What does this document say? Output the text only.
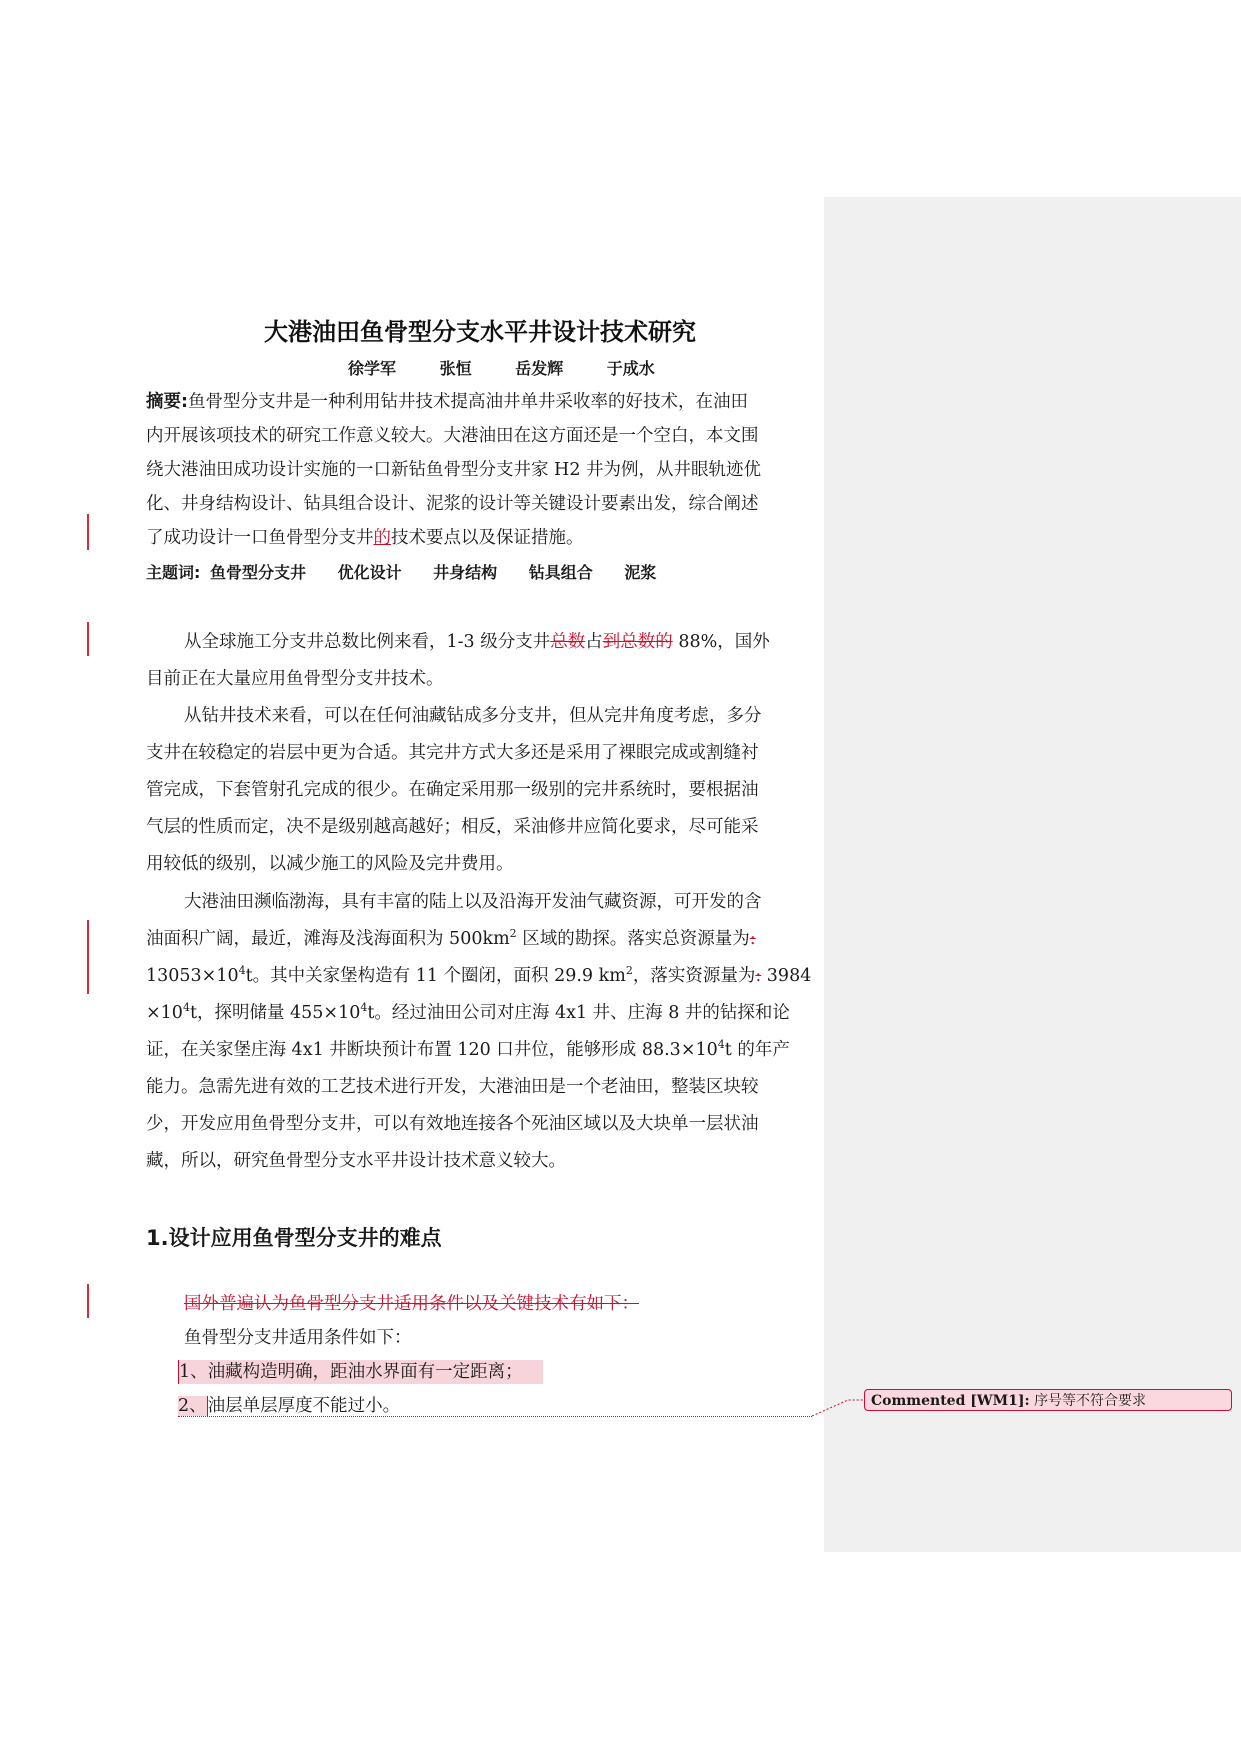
大港油田鱼骨型分支水平井设计技术研究
徐学军	张恒	岳发辉	于成水
摘要:鱼骨型分支井是一种利用钻井技术提高油井单井采收率的好技术，在油田
内开展该项技术的研究工作意义较大。大港油田在这方面还是一个空白，本文围
绕大港油田成功设计实施的一口新钻鱼骨型分支井家 H2 井为例，从井眼轨迹优
化、井身结构设计、钻具组合设计、泥浆的设计等关键设计要素出发，综合阐述
了成功设计一口鱼骨型分支井的技术要点以及保证措施。
主题词: 鱼骨型分支井 优化设计 井身结构 钻具组合 泥浆
从全球施工分支井总数比例来看，1-3 级分支井总数占到总数的 88%，国外
目前正在大量应用鱼骨型分支井技术。
从钻井技术来看，可以在任何油藏钻成多分支井，但从完井角度考虑，多分
支井在较稳定的岩层中更为合适。其完井方式大多还是采用了裸眼完成或割缝衬
管完成，下套管射孔完成的很少。在确定采用那一级别的完井系统时，要根据油
气层的性质而定，决不是级别越高越好；相反，采油修井应简化要求，尽可能采
用较低的级别，以减少施工的风险及完井费用。
大港油田濒临渤海，具有丰富的陆上以及沿海开发油气藏资源，可开发的含
油面积广阔，最近，滩海及浅海面积为 $500km^2$ 区域的勘探。落实总资源量为:
$13053\times 10^4t$。其中关家堡构造有 11 个圈闭，面积 29.9 $km^2$，落实资源量为: 3984
$\times 10^4t$，探明储量 $455\times 10^4t$。经过油田公司对庄海 4x1 井、庄海 8 井的钻探和论
证，在关家堡庄海 4x1 井断块预计布置 120 口井位，能够形成 $88.3\times 10^4t$ 的年产
能力。急需先进有效的工艺技术进行开发，大港油田是一个老油田，整装区块较
少，开发应用鱼骨型分支井，可以有效地连接各个死油区域以及大块单一层状油
藏，所以，研究鱼骨型分支水平井设计技术意义较大。
1.设计应用鱼骨型分支井的难点
国外普遍认为鱼骨型分支井适用条件以及关键技术有如下：
鱼骨型分支井适用条件如下：
1、油藏构造明确，距油水界面有一定距离；
2、油层单层厚度不能过小。	Commented [WM1]: 序号等不符合要求
